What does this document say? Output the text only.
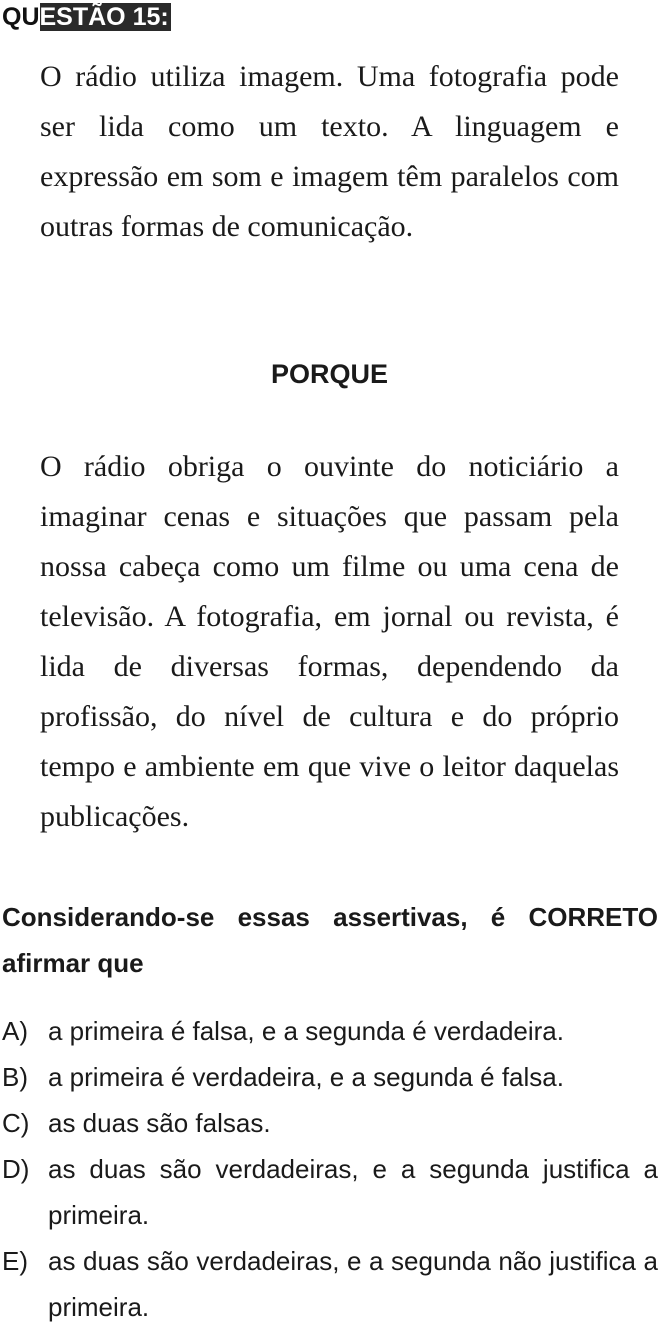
QUESTÃO 15:
O rádio utiliza imagem. Uma fotografia pode ser lida como um texto. A linguagem e expressão em som e imagem têm paralelos com outras formas de comunicação.
PORQUE
O rádio obriga o ouvinte do noticiário a imaginar cenas e situações que passam pela nossa cabeça como um filme ou uma cena de televisão. A fotografia, em jornal ou revista, é lida de diversas formas, dependendo da profissão, do nível de cultura e do próprio tempo e ambiente em que vive o leitor daquelas publicações.
Considerando-se essas assertivas, é CORRETO afirmar que
A) a primeira é falsa, e a segunda é verdadeira.
B) a primeira é verdadeira, e a segunda é falsa.
C) as duas são falsas.
D) as duas são verdadeiras, e a segunda justifica a primeira.
E) as duas são verdadeiras, e a segunda não justifica a primeira.
